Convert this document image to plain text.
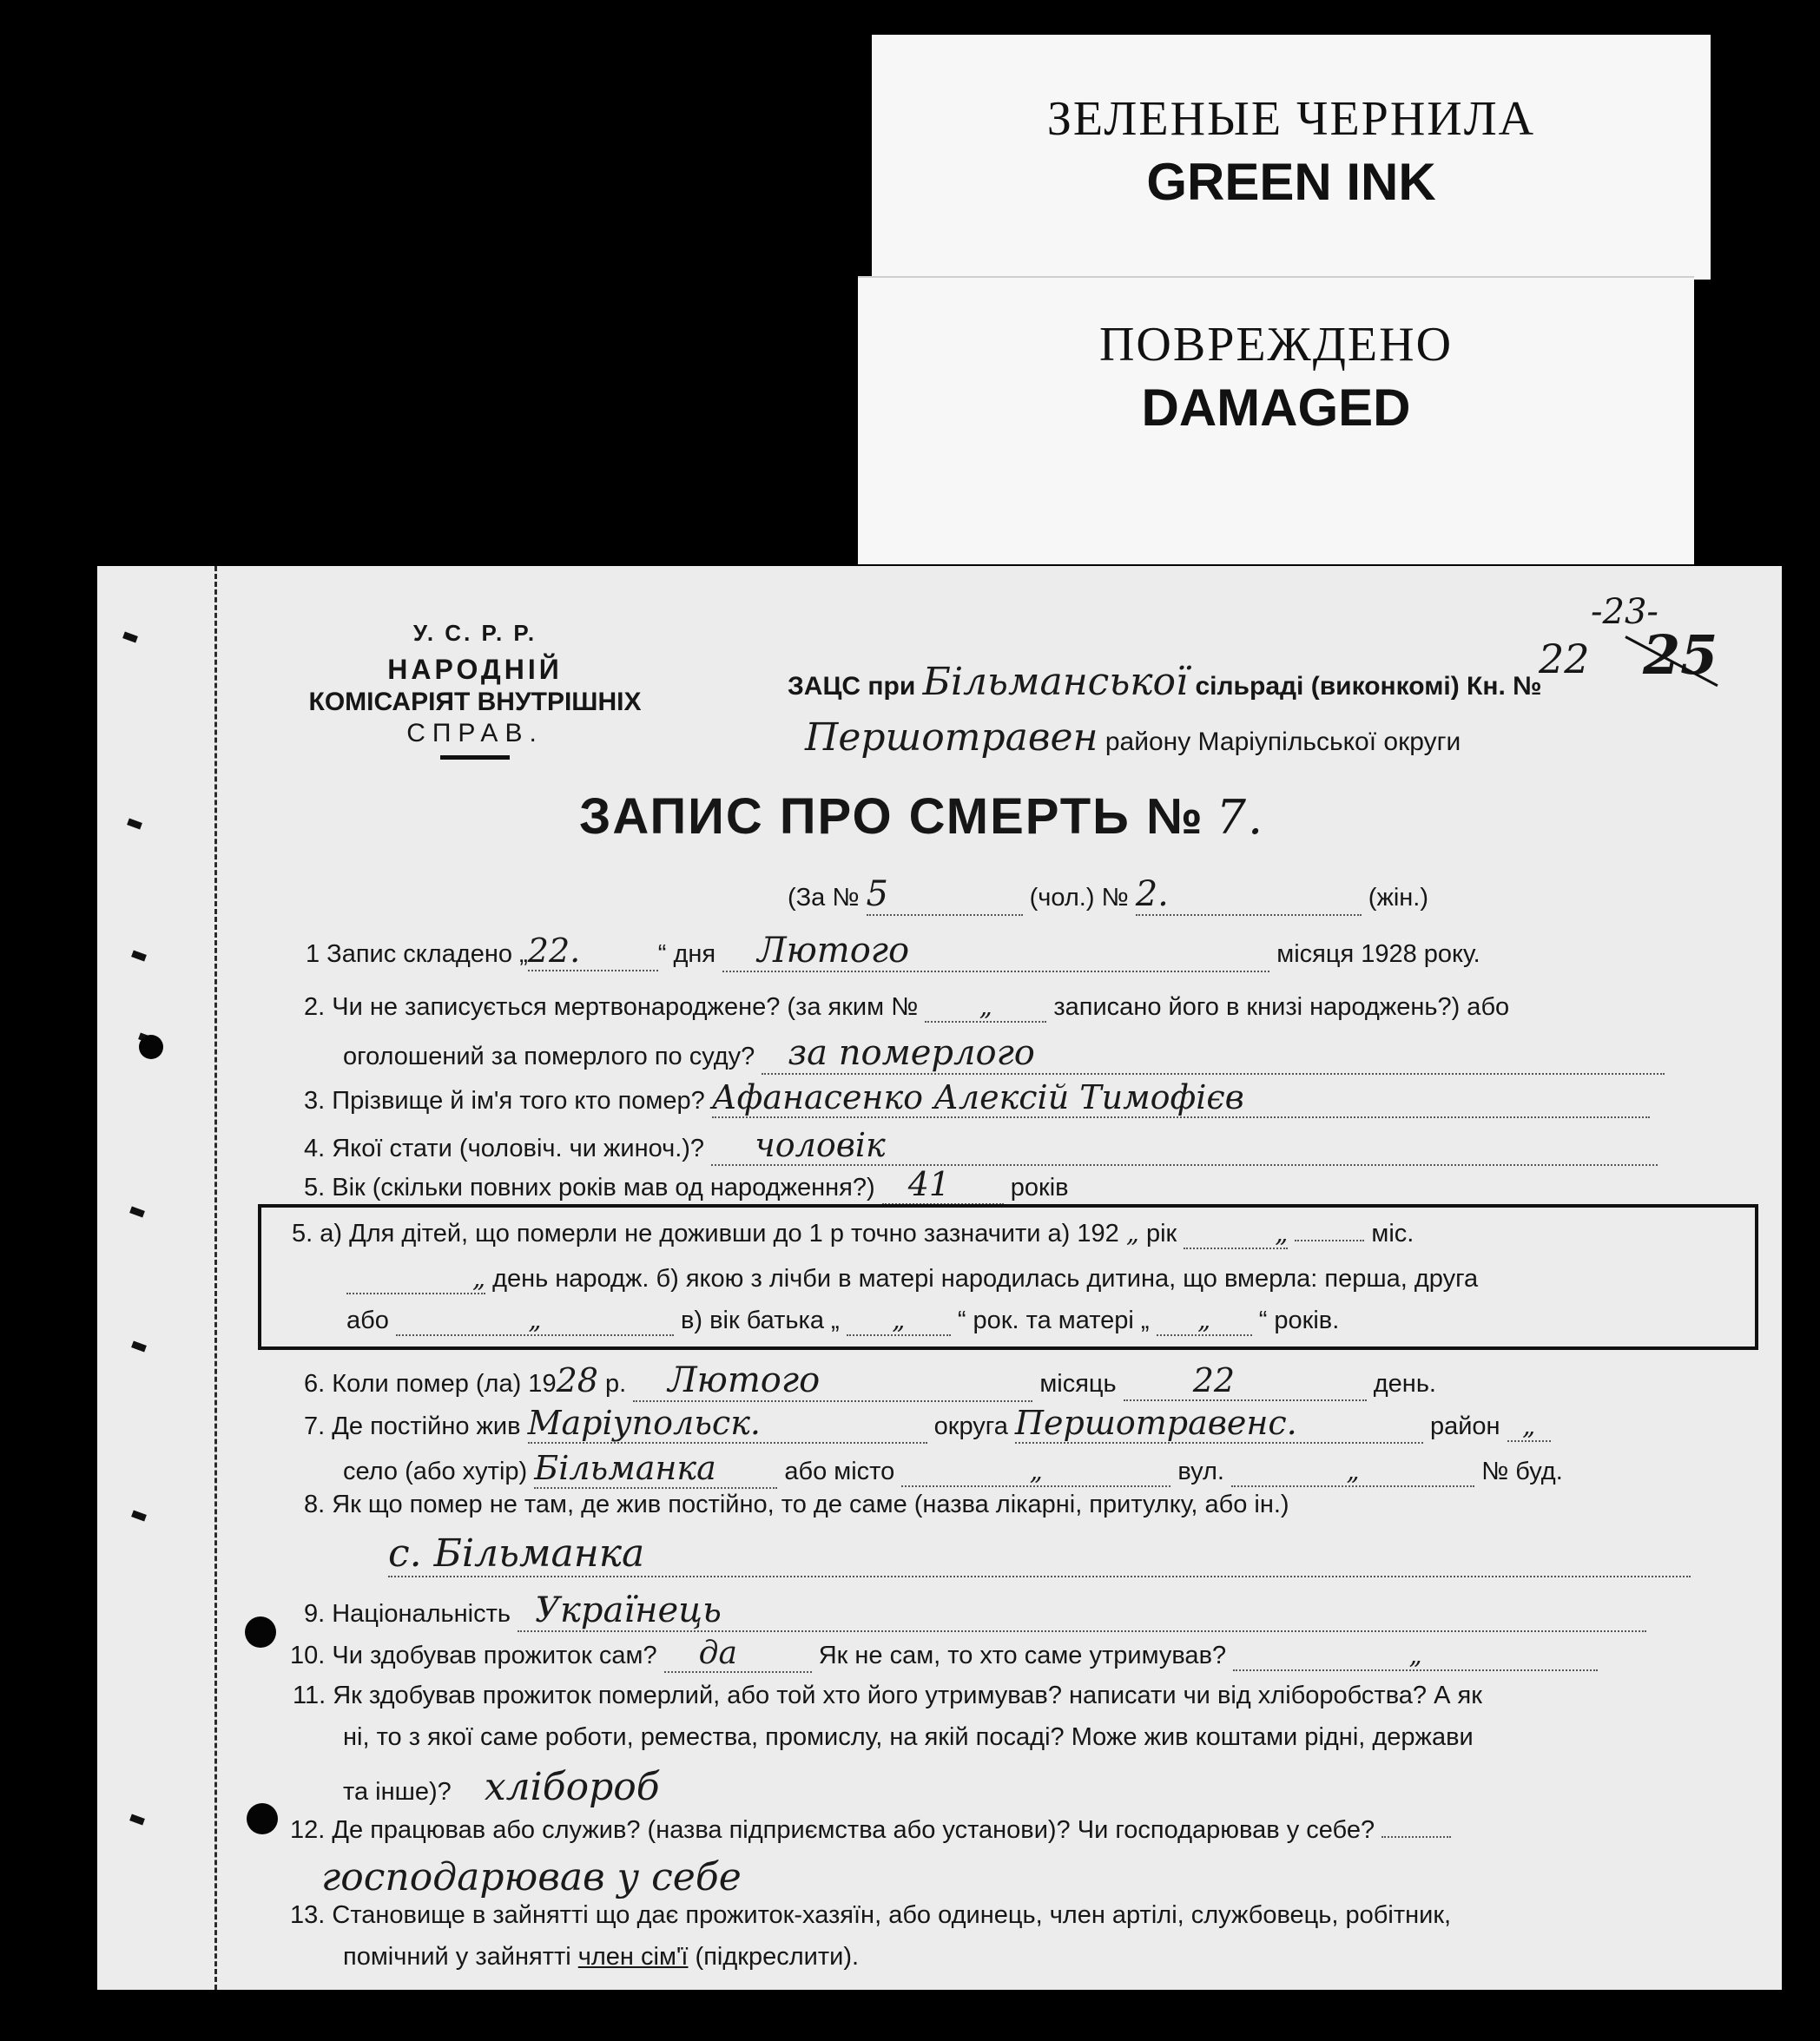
ЗЕЛЕНЫЕ ЧЕРНИЛА
GREEN INK
ПОВРЕЖДЕНО
DAMAGED
-23-
22 25
У. С. Р. Р.
НАРОДНІЙ
КОМІСАРІЯТ ВНУТРІШНІХ
СПРАВ.
ЗАЦС при Більманської сільраді (виконкомі) Кн. №
Першотравен району Маріупільської округи
ЗАПИС ПРО СМЕРТЬ № 7.
(За № 5	(чол.) № 2.	(жін.)
1 Запис складено „22.	“ дня Лютого	місяця 1928 року.
2. Чи не записується мертвонароджене? (за яким № „ записано його в книзі народжень?) або
оголошений за померлого по суду? за померлого
3. Прізвище й ім'я того кто помер? Афанасенко Алексій Тимофієв
4. Якої стати (чоловіч. чи жиноч.)? чоловік
5. Вік (скільки повних років мав од народження?) 41 років
5. а) Для дітей, що померли не доживши до 1 р точно зазначити а) 192 „ рік	„	міс.
„ день народж. б) якою з лічби в матері народилась дитина, що вмерла: перша, друга
або	„	в) вік батька „ „ “ рок. та матері „ „ “ років.
6. Коли помер (ла) 1928 р. Лютого	місяць 22	день.
7. Де постійно жив Маріупольск.	округа Першотравенс.	район „
село (або хутір) Більманка	або місто	„	вул.	„	№ буд.
8. Як що помер не там, де жив постійно, то де саме (назва лікарні, притулку, або ін.)
с. Більманка
9. Національність Українець
10. Чи здобував прожиток сам? да	Як не сам, то хто саме утримував?	„
11. Як здобував прожиток померлий, або той хто його утримував? написати чи від хліборобства? А як
ні, то з якої саме роботи, ремества, промислу, на якій посаді? Може жив коштами рідні, держави
та інше)? хлібороб
12. Де працював або служив? (назва підприємства або установи)? Чи господарював у себе?
господарював у себе
13. Становище в зайнятті що дає прожиток-хазяїн, або одинець, член артілі, службовець, робітник,
помічний у зайнятті член сім'ї (підкреслити).
